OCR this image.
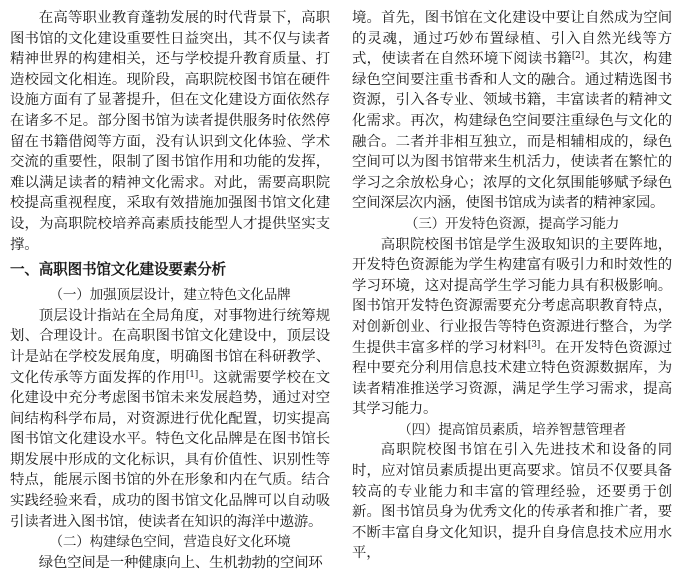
在高等职业教育蓬勃发展的时代背景下，高职图书馆的文化建设重要性日益突出，其不仅与读者精神世界的构建相关，还与学校提升教育质量、打造校园文化相连。现阶段，高职院校图书馆在硬件设施方面有了显著提升，但在文化建设方面依然存在诸多不足。部分图书馆为读者提供服务时依然停留在书籍借阅等方面，没有认识到文化体验、学术交流的重要性，限制了图书馆作用和功能的发挥，难以满足读者的精神文化需求。对此，需要高职院校提高重视程度，采取有效措施加强图书馆文化建设，为高职院校培养高素质技能型人才提供坚实支撑。

一、高职图书馆文化建设要素分析

（一）加强顶层设计，建立特色文化品牌

顶层设计指站在全局角度，对事物进行统筹规划、合理设计。在高职图书馆文化建设中，顶层设计是站在学校发展角度，明确图书馆在科研教学、文化传承等方面发挥的作用[1]。这就需要学校在文化建设中充分考虑图书馆未来发展趋势，通过对空间结构科学布局，对资源进行优化配置，切实提高图书馆文化建设水平。特色文化品牌是在图书馆长期发展中形成的文化标识，具有价值性、识别性等特点，能展示图书馆的外在形象和内在气质。结合实践经验来看，成功的图书馆文化品牌可以自动吸引读者进入图书馆，使读者在知识的海洋中遨游。

（二）构建绿色空间，营造良好文化环境

绿色空间是一种健康向上、生机勃勃的空间环

境。首先，图书馆在文化建设中要让自然成为空间的灵魂，通过巧妙布置绿植、引入自然光线等方式，使读者在自然环境下阅读书籍[2]。其次，构建绿色空间要注重书香和人文的融合。通过精选图书资源，引入各专业、领域书籍，丰富读者的精神文化需求。再次，构建绿色空间要注重绿色与文化的融合。二者并非相互独立，而是相辅相成的，绿色空间可以为图书馆带来生机活力，使读者在繁忙的学习之余放松身心；浓厚的文化氛围能够赋予绿色空间深层次内涵，使图书馆成为读者的精神家园。

（三）开发特色资源，提高学习能力

高职院校图书馆是学生汲取知识的主要阵地，开发特色资源能为学生构建富有吸引力和时效性的学习环境，这对提高学生学习能力具有积极影响。图书馆开发特色资源需要充分考虑高职教育特点，对创新创业、行业报告等特色资源进行整合，为学生提供丰富多样的学习材料[3]。在开发特色资源过程中要充分利用信息技术建立特色资源数据库，为读者精准推送学习资源，满足学生学习需求，提高其学习能力。

（四）提高馆员素质，培养智慧管理者

高职院校图书馆在引入先进技术和设备的同时，应对馆员素质提出更高要求。馆员不仅要具备较高的专业能力和丰富的管理经验，还要勇于创新。图书馆员身为优秀文化的传承者和推广者，要不断丰富自身文化知识，提升自身信息技术应用水平，
